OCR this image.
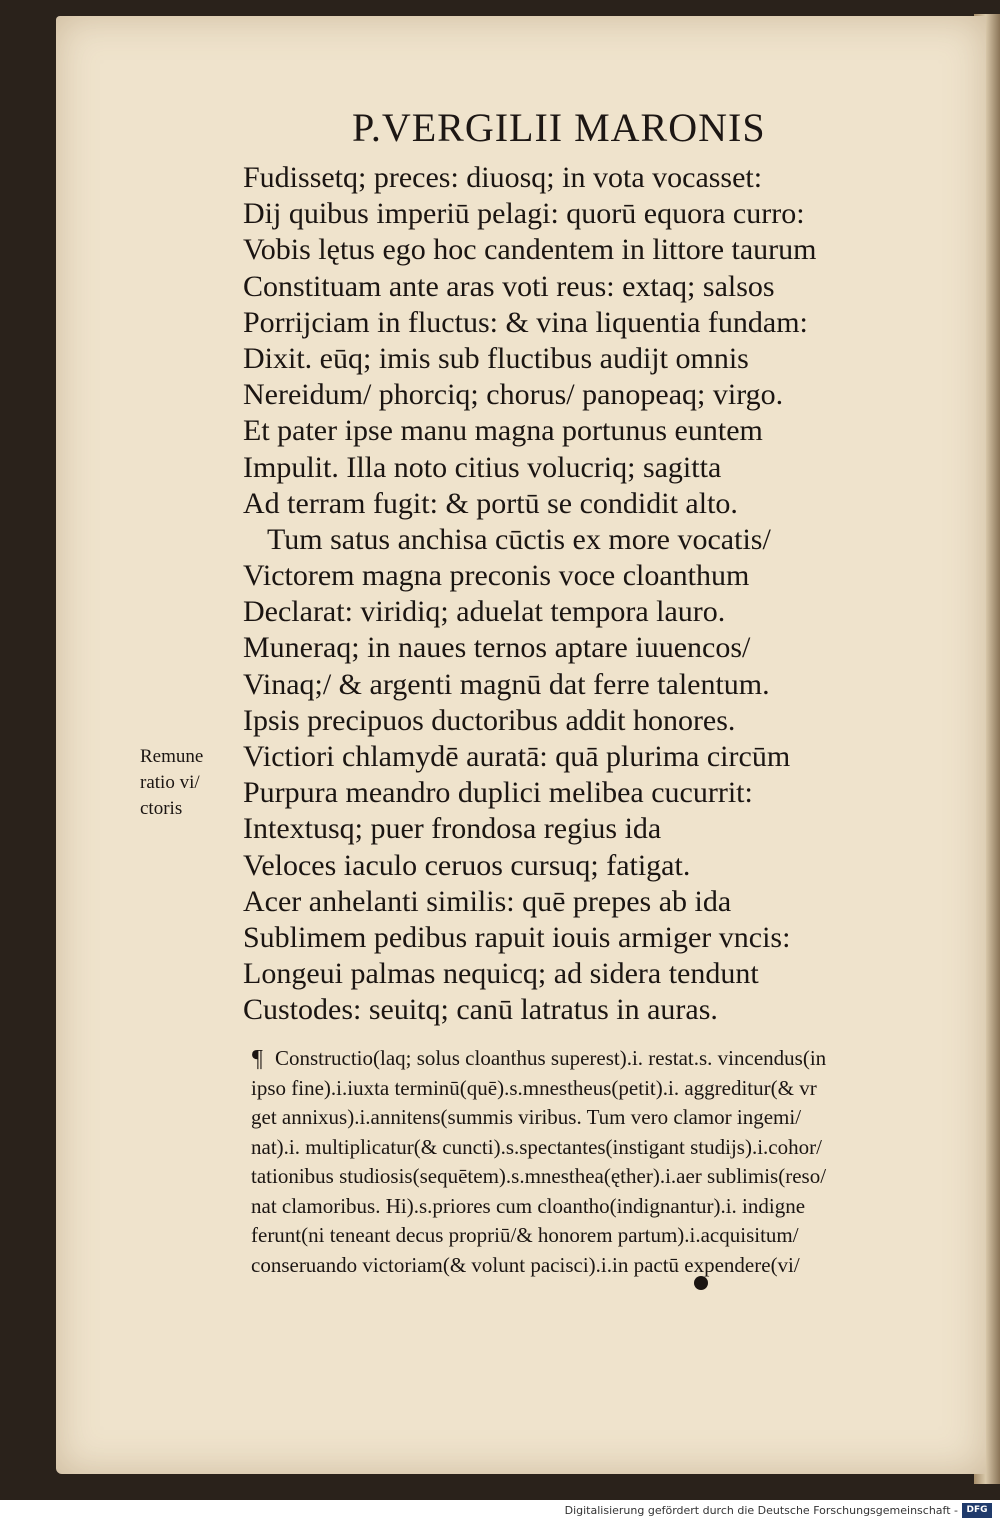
P.VERGILII MARONIS
Fudissetq; preces: diuosq; in vota vocasset:
Dij quibus imperiū pelagi: quorū equora curro:
Vobis lętus ego hoc candentem in littore taurum
Constituam ante aras voti reus: extaq; salsos
Porrijciam in fluctus: & vina liquentia fundam:
Dixit. eūq; imis sub fluctibus audijt omnis
Nereidum/ phorciq; chorus/ panopeaq; virgo.
Et pater ipse manu magna portunus euntem
Impulit. Illa noto citius volucriq; sagitta
Ad terram fugit: & portū se condidit alto.
Tum satus anchisa cūctis ex more vocatis/
Victorem magna preconis voce cloanthum
Declarat: viridiq; aduelat tempora lauro.
Muneraq; in naues ternos aptare iuuencos/
Vinaq;/ & argenti magnū dat ferre talentum.
Ipsis precipuos ductoribus addit honores.
Victiori chlamydē auratā: quā plurima circūm
Purpura meandro duplici melibea cucurrit:
Intextusq; puer frondosa regius ida
Veloces iaculo ceruos cursuq; fatigat.
Acer anhelanti similis: quē prepes ab ida
Sublimem pedibus rapuit iouis armiger vncis:
Longeui palmas nequicq; ad sidera tendunt
Custodes: seuitq; canū latratus in auras.
Remune
ratio vi/
ctoris
¶ Constructio(laq; solus cloanthus superest).i. restat.s. vincendus(in
ipso fine).i.iuxta terminū(quē).s.mnestheus(petit).i. aggreditur(& vr
get annixus).i.annitens(summis viribus. Tum vero clamor ingemi/
nat).i. multiplicatur(& cuncti).s.spectantes(instigant studijs).i.cohor/
tationibus studiosis(sequētem).s.mnesthea(ęther).i.aer sublimis(reso/
nat clamoribus. Hi).s.priores cum cloantho(indignantur).i. indigne
ferunt(ni teneant decus propriū/& honorem partum).i.acquisitum/
conseruando victoriam(& volunt pacisci).i.in pactū expendere(vi/
Digitalisierung gefördert durch die Deutsche Forschungsgemeinschaft - DFG
